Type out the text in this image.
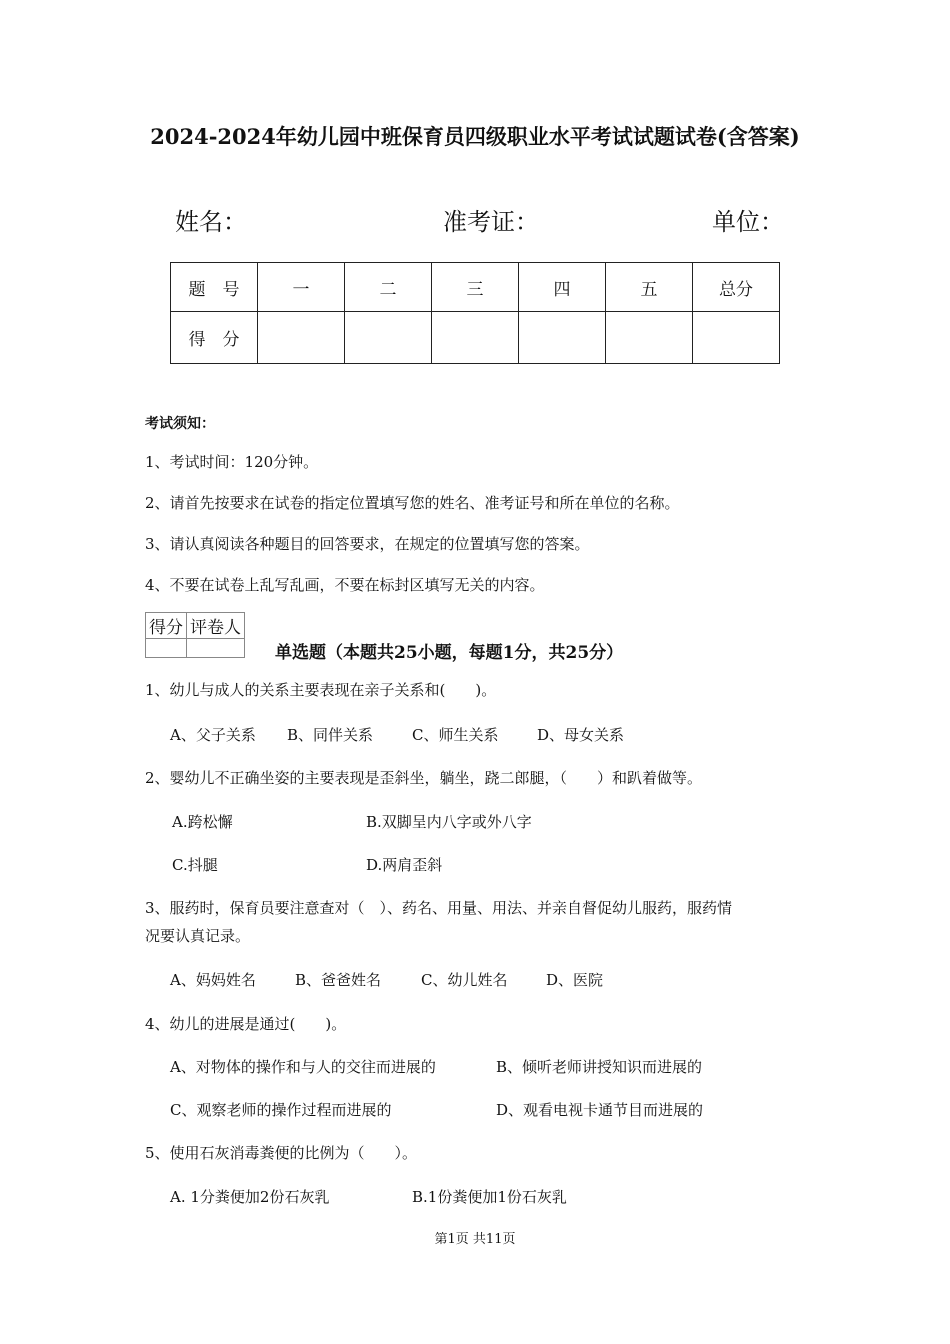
2024-2024年幼儿园中班保育员四级职业水平考试试题试卷(含答案)
姓名：	准考证：	单位：
题　号	一	二	三	四	五	总分
得　分						
考试须知：
1、考试时间：120分钟。
2、请首先按要求在试卷的指定位置填写您的姓名、准考证号和所在单位的名称。
3、请认真阅读各种题目的回答要求，在规定的位置填写您的答案。
4、不要在试卷上乱写乱画，不要在标封区填写无关的内容。
得分	评卷人

单选题（本题共25小题，每题1分，共25分）
1、幼儿与成人的关系主要表现在亲子关系和(　　)。
A、父子关系 B、同伴关系	C、师生关系	D、母女关系
2、婴幼儿不正确坐姿的主要表现是歪斜坐，躺坐，跷二郎腿，（　　）和趴着做等。
A.跨松懈	B.双脚呈内八字或外八字
C.抖腿	D.两肩歪斜
3、服药时，保育员要注意查对（　）、药名、用量、用法、并亲自督促幼儿服药，服药情
况要认真记录。
A、妈妈姓名	B、爸爸姓名	C、幼儿姓名	D、医院
4、幼儿的进展是通过(　　)。
A、对物体的操作和与人的交往而进展的	B、倾听老师讲授知识而进展的
C、观察老师的操作过程而进展的	D、观看电视卡通节目而进展的
5、使用石灰消毒粪便的比例为（　　）。
A. 1分粪便加2份石灰乳	B.1份粪便加1份石灰乳
第1页 共11页
